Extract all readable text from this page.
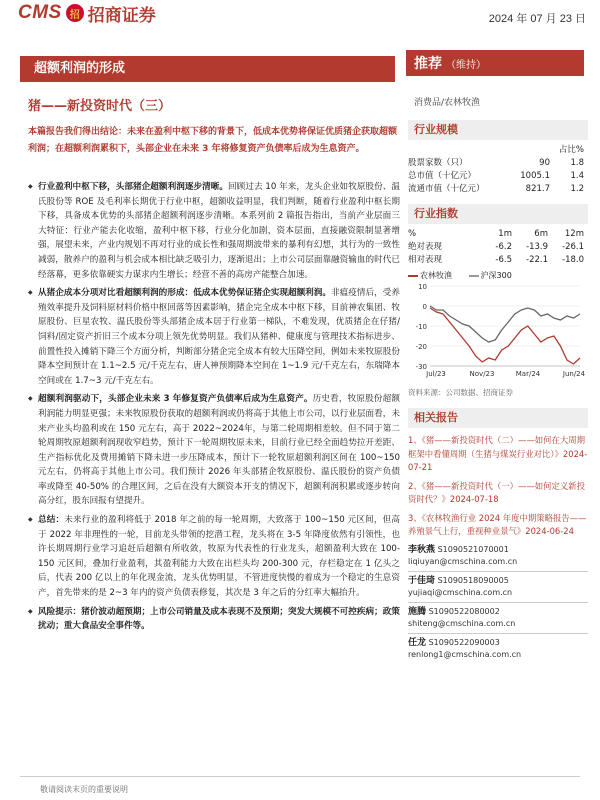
CMS 招 招商证券	2024 年 07 月 23 日
超额利润的形成	推荐 （维持）
猪——新投资时代（三）	消费品/农林牧渔
本篇报告我们得出结论：未来在盈利中枢下移的背景下，低成本优势将保证优质猪企获取超额利润；在超额利润累积下，头部企业在未来 3 年将修复资产负债率后成为生息资产。

◆ 行业盈利中枢下移，头部猪企超额利润逐步清晰。回顾过去 10 年来，龙头企业如牧原股份、温氏股份等 ROE 及毛利率长期优于行业中枢，超额收益明显，我们判断，随着行业盈利中枢长期下移，具备成本优势的头部猪企超额利润逐步清晰。本系列前 2 篇报告指出，当前产业层面三大特征：行业产能去化收缩，盈利中枢下移，行业分化加剧，资本层面，直接融资限制显著增强，展望未来，产业内规划不再对行业的成长性和强周期波带来的暴利有幻想，其行为的一致性减弱，散养户的盈利与机会成本相比缺乏吸引力，逐渐退出；上市公司层面靠融资输血的时代已经落幕，更多依靠硬实力谋求内生增长；经营不善的高房产能整合加速。

◆ 从猪企成本分项对比看超额利润的形成：低成本优势保证猪企实现超额利润。非瘟疫情后，受养殖效率提升及饲料原材料价格中枢回落等因素影响，猪企完全成本中枢下移，目前神农集团、牧原股份、巨星农牧、温氏股份等头部猪企成本居于行业第一梯队，不难发现，优质猪企在仔猪/饲料/固定资产折旧三个成本分项上领先优势明显。我们从猪种、健康度与管理技术指标进步、前置性投入摊销下降三个方面分析，判断部分猪企完全成本有较大压降空间，例如未来牧原股份降本空间预计在 1.1~2.5 元/千克左右，唐人神预期降本空间在 1~1.9 元/千克左右，东瑞降本空间或在 1.7~3 元/千克左右。

◆ 超额利润驱动下，头部企业未来 3 年修复资产负债率后成为生息资产。历史看，牧原股份超额利润能力明显更强；未来牧原股份获取的超额利润或仍将高于其他上市公司，以行业层面看，未来产业头均盈利或在 150 元左右，高于 2022~2024年，与第二轮周期相差较。但不同于第二轮周期牧原超额利润现收窄趋势，预计下一轮周期牧原未来，目前行业已经全面趋势拉开差距、生产指标优化及费用摊销下降未进一步压降成本，预计下一轮牧原超额利润区间在 100~150 元左右，仍将高于其他上市公司。我们预计 2026 年头部猪企牧原股份、温氏股份的资产负债率或降至 40-50% 的合理区间，之后在没有大额资本开支的情况下，超额利润积累或逐步转向高分红，股东回报有望提升。

◆ 总结：未来行业的盈利将低于 2018 年之前的每一轮周期，大致落于 100~150 元区间，但高于 2022 年非理性的一轮，目前龙头带领的挖潜工程，龙头将在 3-5 年降度依然有引领性，也许长期周期行业学习追赶后超额有所收敛，牧原为代表性的行业龙头，超额盈利大致在 100-150 元区间，叠加行业盈利，其盈利能力大致在出栏头均 200-300 元，存栏稳定在 1 亿头之后，代表 200 亿以上的年化现金流，龙头优势明显，不管进度快慢的着成为一个稳定的生息资产，首先带来的是 2~3 年内的资产负债表修复，其次是 3 年之后的分红率大幅抬升。

◆ 风险提示：猪价波动超预期；上市公司销量及成本表现不及预期；突发大规模不可控疾病；政策扰动；重大食品安全事件等。

行业规模
占比%
股票家数（只）	90	1.8
总市值（十亿元）	1005.1	1.4
流通市值（十亿元）	821.7	1.2
行业指数
%	1m	6m	12m
绝对表现	-6.2	-13.9	-26.1
相对表现	-6.5	-22.1	-18.0
农林牧渔	沪深300
10
0
-10
-20
-30
Jul/23	Nov/23	Mar/24	Jun/24
资料来源：公司数据、招商证券
相关报告

1、《猪——新投资时代（二）——如何在大周期框架中看懂周期（生猪与煤炭行业对比）》2024-07-21

2、《猪——新投资时代（一）——如何定义新投资时代？》2024-07-18

3、《农林牧渔行业 2024 年度中期策略报告——养殖景气上行，重视种业景气》2024-06-24

李秋燕 S1090521070001
liqiuyan@cmschina.com.cn
于佳琦 S1090518090005
yujiaqi@cmschina.com.cn
施腾 S1090522080002
shiteng@cmschina.com.cn
任龙 S1090522090003
renlong1@cmschina.com.cn
敬请阅读末页的重要说明
